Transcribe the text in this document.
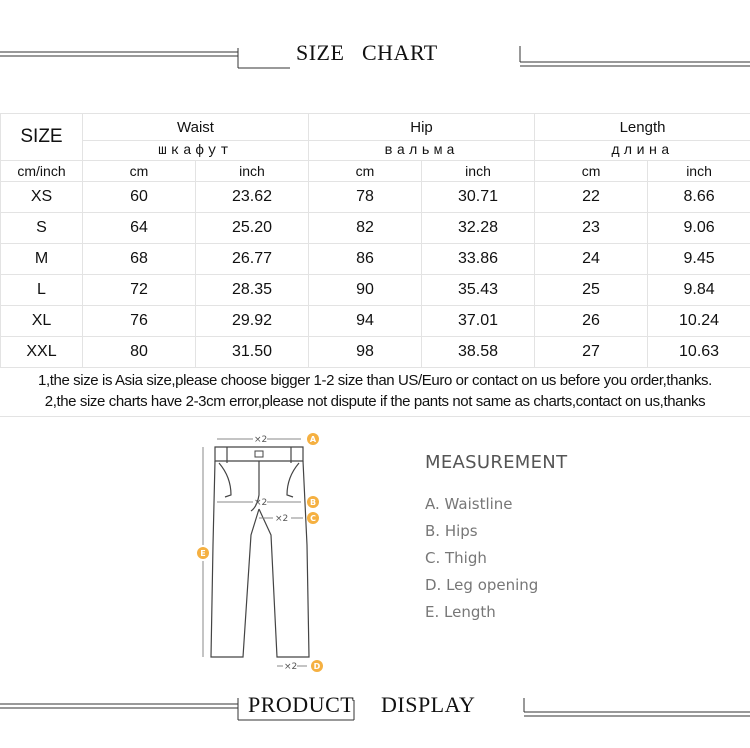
SIZE CHART
SIZE	Waist		Hip		Length	
	шкафут		вальма		длина	
cm/inch	cm	inch	cm	inch	cm	inch
XS	60	23.62	78	30.71	22	8.66
S	64	25.20	82	32.28	23	9.06
M	68	26.77	86	33.86	24	9.45
L	72	28.35	90	35.43	25	9.84
XL	76	29.92	94	37.01	26	10.24
XXL	80	31.50	98	38.58	27	10.63
1,the size is Asia size,please choose bigger 1-2 size than US/Euro or contact on us before you order,thanks.
2,the size charts have 2-3cm error,please not dispute if the pants not same as charts,contact on us,thanks
×2
×2
×2
×2
A
B
C
D
E
MEASUREMENT
A. Waistline
B. Hips
C. Thigh
D. Leg opening
E. Length
PRODUCT DISPLAY
